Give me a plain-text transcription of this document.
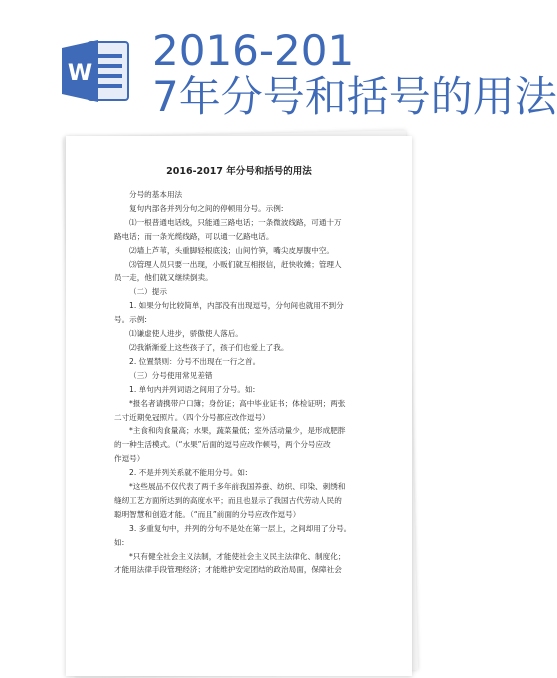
W 2016-201
7年分号和括号的用法
2016-2017 年分号和括号的用法

分号的基本用法

复句内部各并列分句之间的停顿用分号。示例:

⑴一根普通电话线，只能通三路电话；一条微波线路，可通十万

路电话；而一条光缆线路，可以通一亿路电话。

⑵墙上芦苇，头重脚轻根底浅；山间竹笋，嘴尖皮厚腹中空。

⑶管理人员只要一出现，小贩们就互相报信，赶快收摊；管理人

员一走，他们就又继续倒卖。

（二）提示

1. 如果分句比较简单，内部没有出现逗号，分句间也就用不到分

号。示例:

⑴谦虚使人进步，骄傲使人落后。

⑵我渐渐爱上这些孩子了，孩子们也爱上了我。

2. 位置禁则：分号不出现在一行之首。

（三）分号使用常见差错

1. 单句内并列词语之间用了分号。如:

*报名者请携带户口簿；身份证；高中毕业证书；体检证明；两张

二寸近期免冠照片。（四个分号都应改作逗号）

*主食和肉食量高；水果，蔬菜量低；室外活动量少，是形成肥胖

的一种生活模式。（“水果”后面的逗号应改作顿号，两个分号应改

作逗号）

2. 不是并列关系就不能用分号。如:

*这些展品不仅代表了两千多年前我国养蚕、纺织、印染、刺绣和

缝纫工艺方面所达到的高度水平；而且也显示了我国古代劳动人民的

聪明智慧和创造才能。（“而且”前面的分号应改作逗号）

3. 多重复句中，并列的分句不是处在第一层上，之间却用了分号。

如:

*只有健全社会主义法制，才能使社会主义民主法律化、制度化；

才能用法律手段管理经济；才能维护安定团结的政治局面，保障社会
